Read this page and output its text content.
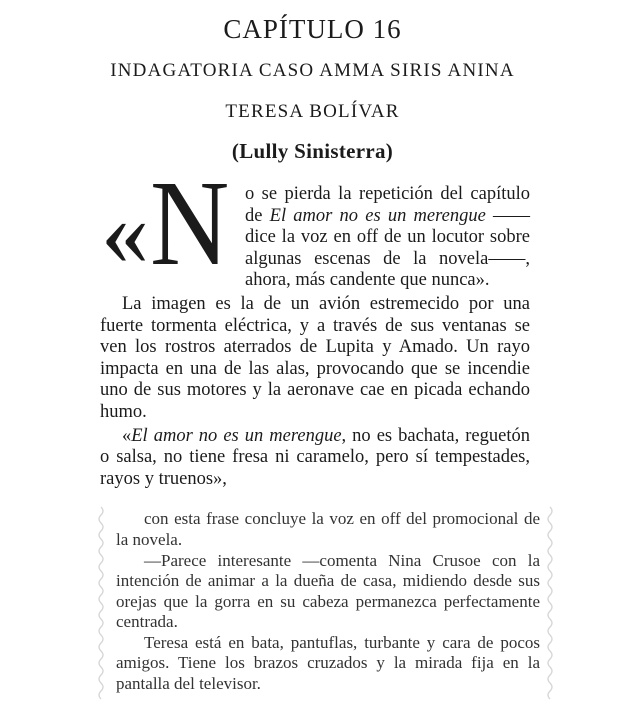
CAPÍTULO 16
INDAGATORIA CASO AMMA SIRIS ANINA
TERESA BOLÍVAR
(Lully Sinisterra)

« N o se pierda la repetición del capítulo de El amor no es un merengue ——dice la voz en off de un locutor sobre algunas escenas de la novela——, ahora, más candente que nunca».

La imagen es la de un avión estremecido por una fuerte tormenta eléctrica, y a través de sus ventanas se ven los rostros aterrados de Lupita y Amado. Un rayo impacta en una de las alas, provocando que se incendie uno de sus motores y la aeronave cae en picada echando humo.

«El amor no es un merengue, no es bachata, reguetón o salsa, no tiene fresa ni caramelo, pero sí tempestades, rayos y truenos»,

con esta frase concluye la voz en off del promocional de la novela.

—Parece interesante —comenta Nina Crusoe con la intención de animar a la dueña de casa, midiendo desde sus orejas que la gorra en su cabeza permanezca perfectamente centrada.

Teresa está en bata, pantuflas, turbante y cara de pocos amigos. Tiene los brazos cruzados y la mirada fija en la pantalla del televisor.
